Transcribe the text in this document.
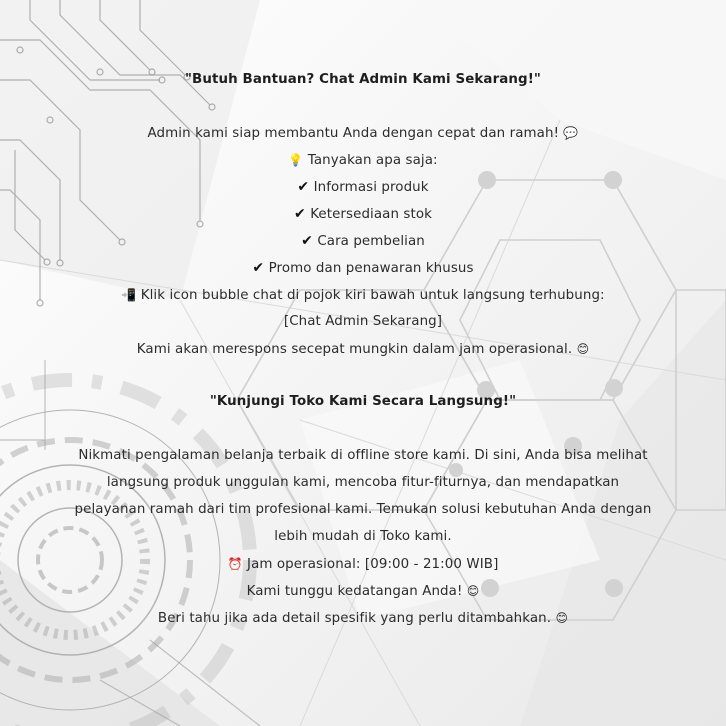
"Butuh Bantuan? Chat Admin Kami Sekarang!"
Admin kami siap membantu Anda dengan cepat dan ramah! 💬
💡 Tanyakan apa saja:
✔ Informasi produk
✔ Ketersediaan stok
✔ Cara pembelian
✔ Promo dan penawaran khusus
📲 Klik icon bubble chat di pojok kiri bawah untuk langsung terhubung:
[Chat Admin Sekarang]
Kami akan merespons secepat mungkin dalam jam operasional. 😊
"Kunjungi Toko Kami Secara Langsung!"
Nikmati pengalaman belanja terbaik di offline store kami. Di sini, Anda bisa melihat
langsung produk unggulan kami, mencoba fitur-fiturnya, dan mendapatkan
pelayanan ramah dari tim profesional kami. Temukan solusi kebutuhan Anda dengan
lebih mudah di Toko kami.
⏰ Jam operasional: [09:00 - 21:00 WIB]
Kami tunggu kedatangan Anda! 😊
Beri tahu jika ada detail spesifik yang perlu ditambahkan. 😊
